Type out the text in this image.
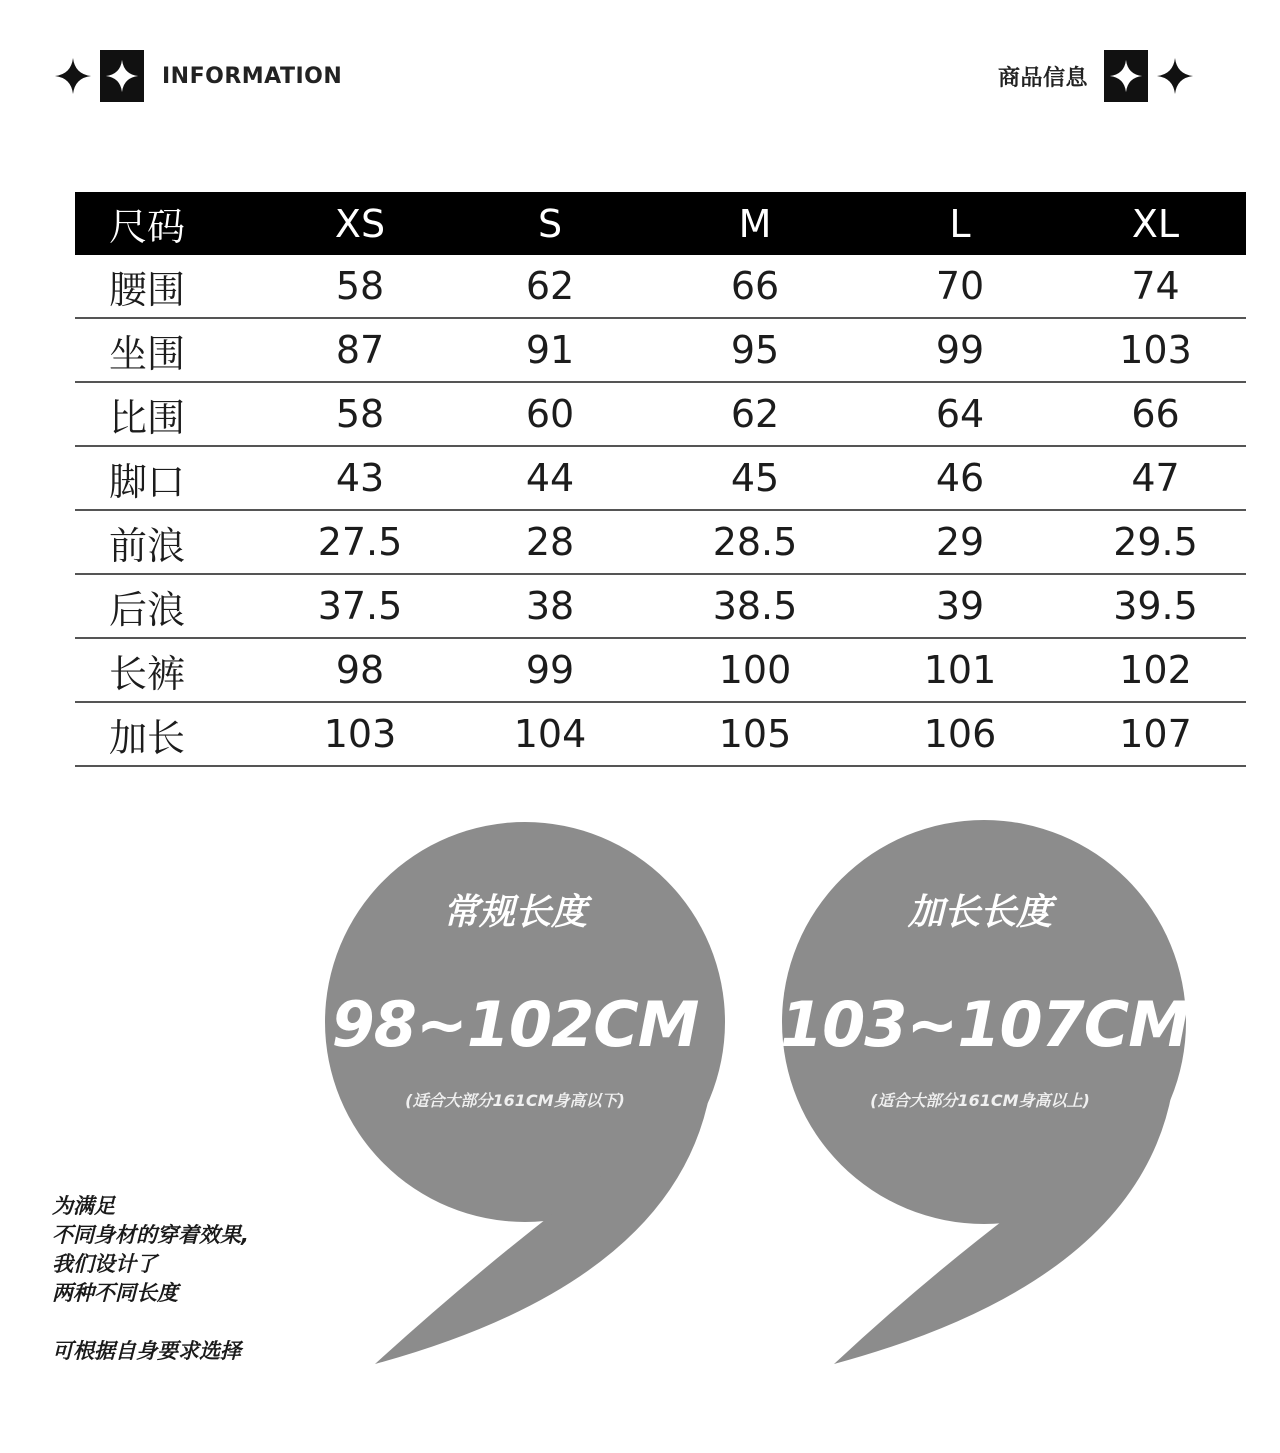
INFORMATION	商品信息
尺码	XS	S	M	L	XL
腰围	58	62	66	70	74
坐围	87	91	95	99	103
比围	58	60	62	64	66
脚口	43	44	45	46	47
前浪	27.5	28	28.5	29	29.5
后浪	37.5	38	38.5	39	39.5
长裤	98	99	100	101	102
加长	103	104	105	106	107
常规长度
98~102CM
(适合大部分161CM身高以下)
加长长度
103~107CM
(适合大部分161CM身高以上)

为满足

不同身材的穿着效果,

我们设计了

两种不同长度

可根据自身要求选择
